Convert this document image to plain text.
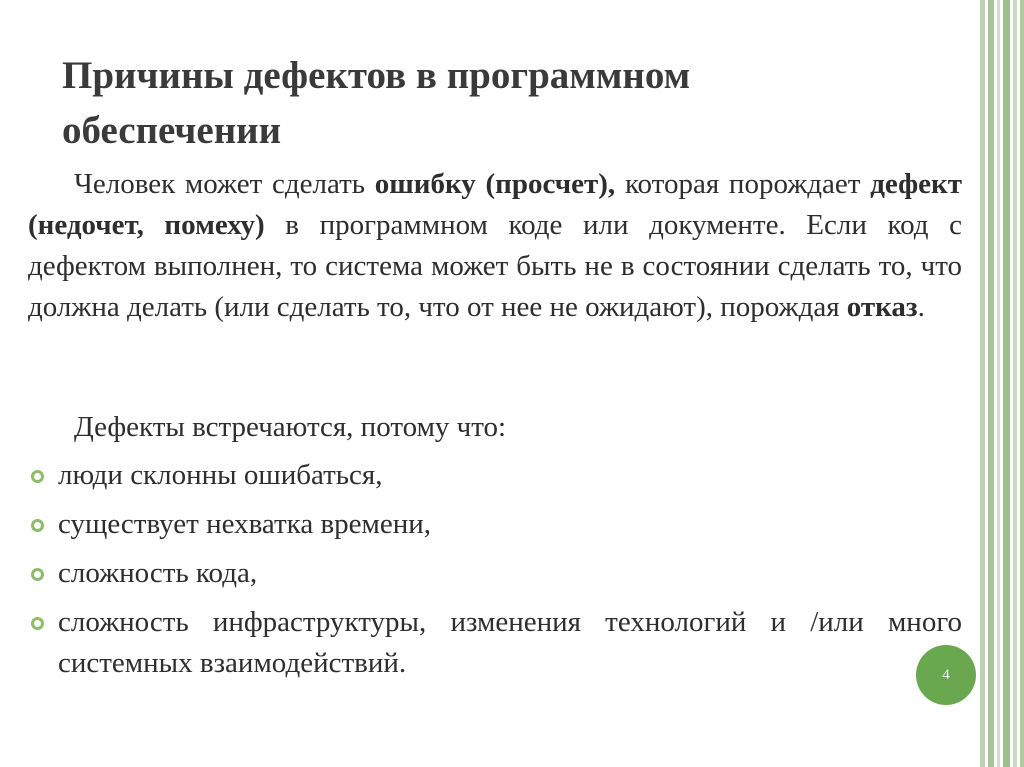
Причины дефектов в программном
обеспечении

Человек может сделать ошибку (просчет), которая порождает дефект (недочет, помеху) в программном коде или документе. Если код с дефектом выполнен, то система может быть не в состоянии сделать то, что должна делать (или сделать то, что от нее не ожидают), порождая отказ.

Дефекты встречаются, потому что:

люди склонны ошибаться,
существует нехватка времени,
сложность кода,
сложность инфраструктуры, изменения технологий и /или много системных взаимодействий.	4
